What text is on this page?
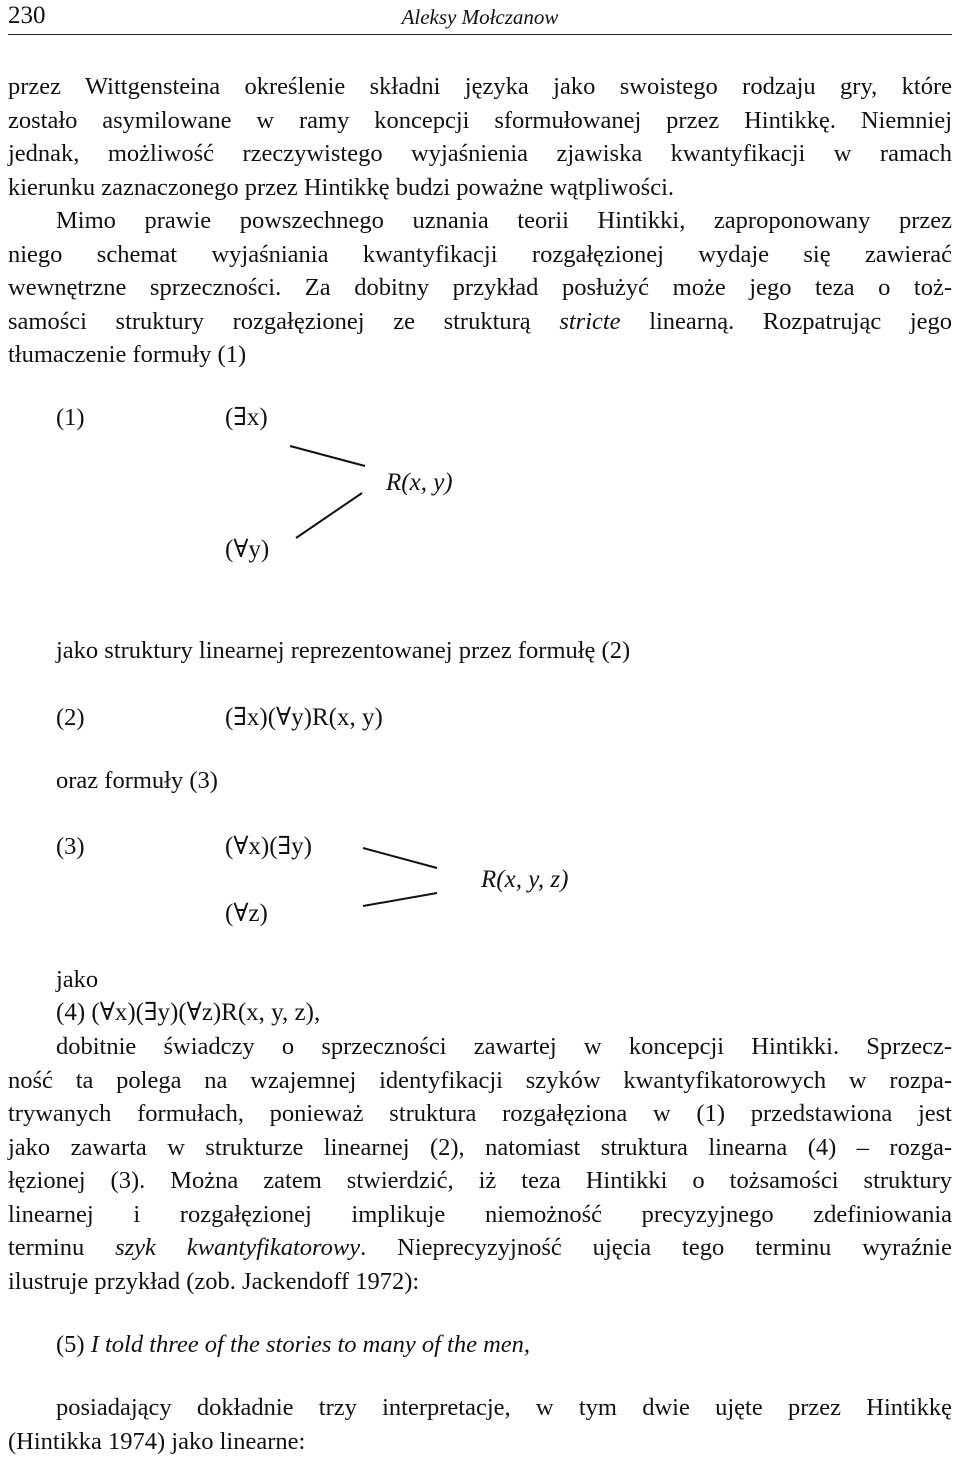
230	Aleksy Mołczanow
przez Wittgensteina określenie składni języka jako swoistego rodzaju gry, które
zostało asymilowane w ramy koncepcji sformułowanej przez Hintikkę. Niemniej
jednak, możliwość rzeczywistego wyjaśnienia zjawiska kwantyfikacji w ramach
kierunku zaznaczonego przez Hintikkę budzi poważne wątpliwości.
Mimo prawie powszechnego uznania teorii Hintikki, zaproponowany przez
niego schemat wyjaśniania kwantyfikacji rozgałęzionej wydaje się zawierać
wewnętrzne sprzeczności. Za dobitny przykład posłużyć może jego teza o toż-
samości struktury rozgałęzionej ze strukturą stricte linearną. Rozpatrując jego
tłumaczenie formuły (1)
(1)	(∃x)
R(x, y)
(∀y)
jako struktury linearnej reprezentowanej przez formułę (2)
(2)	(∃x)(∀y)R(x, y)
oraz formuły (3)
(3)	(∀x)(∃y)
R(x, y, z)
(∀z)
jako
(4) (∀x)(∃y)(∀z)R(x, y, z),
dobitnie świadczy o sprzeczności zawartej w koncepcji Hintikki. Sprzecz-
ność ta polega na wzajemnej identyfikacji szyków kwantyfikatorowych w rozpa-
trywanych formułach, ponieważ struktura rozgałęziona w (1) przedstawiona jest
jako zawarta w strukturze linearnej (2), natomiast struktura linearna (4) – rozga-
łęzionej (3). Można zatem stwierdzić, iż teza Hintikki o tożsamości struktury
linearnej i rozgałęzionej implikuje niemożność precyzyjnego zdefiniowania
terminu szyk kwantyfikatorowy. Nieprecyzyjność ujęcia tego terminu wyraźnie
ilustruje przykład (zob. Jackendoff 1972):
(5) I told three of the stories to many of the men,
posiadający dokładnie trzy interpretacje, w tym dwie ujęte przez Hintikkę
(Hintikka 1974) jako linearne:
